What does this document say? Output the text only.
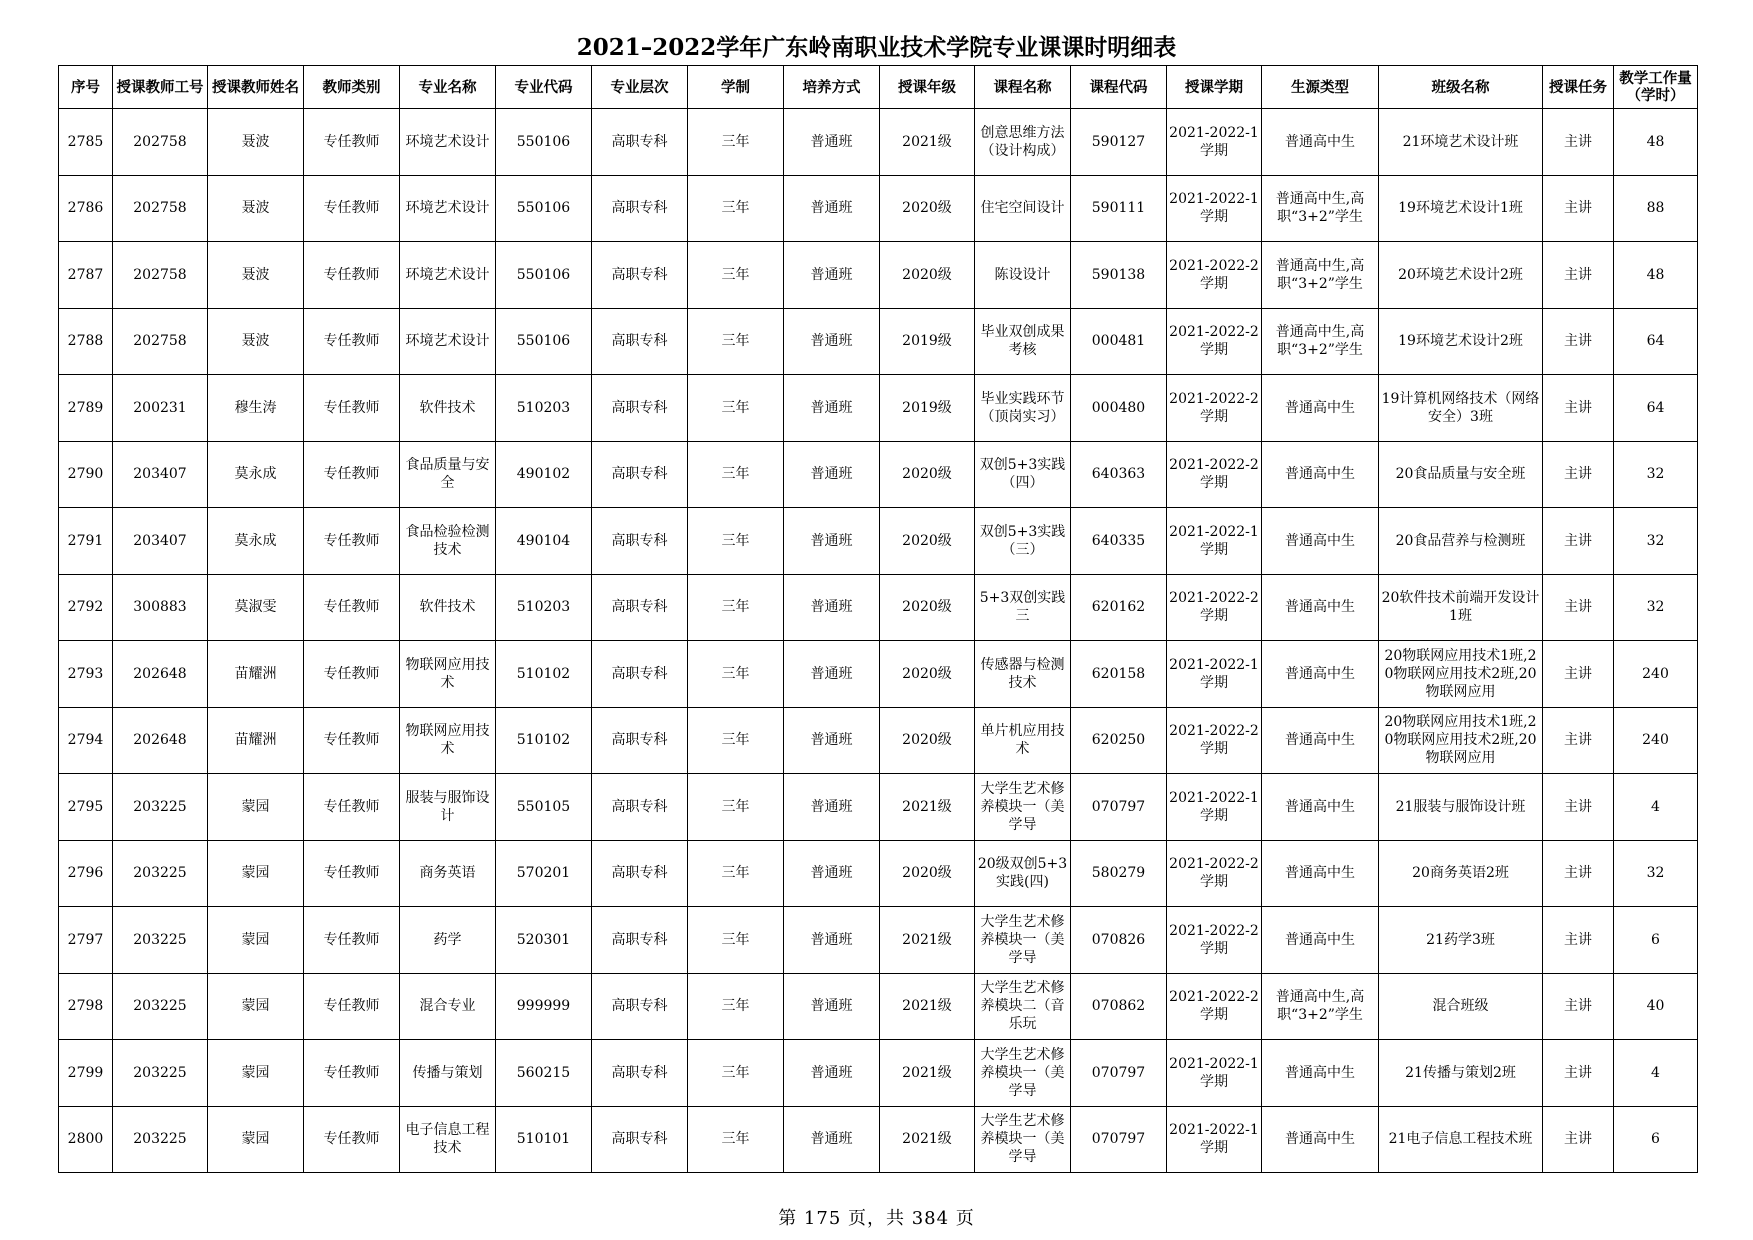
2021–2022学年广东岭南职业技术学院专业课课时明细表
序号	授课教师工号	授课教师姓名	教师类别	专业名称	专业代码	专业层次	学制	培养方式	授课年级	课程名称	课程代码	授课学期	生源类型	班级名称	授课任务	教学工作量（学时）

2785	202758	聂波	专任教师	环境艺术设计	550106	高职专科	三年	普通班	2021级	创意思维方法（设计构成）	590127	2021-2022-1学期	普通高中生	21环境艺术设计班	主讲	48

2786	202758	聂波	专任教师	环境艺术设计	550106	高职专科	三年	普通班	2020级	住宅空间设计	590111	2021-2022-1学期	普通高中生,高职“3+2”学生	19环境艺术设计1班	主讲	88

2787	202758	聂波	专任教师	环境艺术设计	550106	高职专科	三年	普通班	2020级	陈设设计	590138	2021-2022-2学期	普通高中生,高职“3+2”学生	20环境艺术设计2班	主讲	48

2788	202758	聂波	专任教师	环境艺术设计	550106	高职专科	三年	普通班	2019级	毕业双创成果考核	000481	2021-2022-2学期	普通高中生,高职“3+2”学生	19环境艺术设计2班	主讲	64

2789	200231	穆生涛	专任教师	软件技术	510203	高职专科	三年	普通班	2019级	毕业实践环节（顶岗实习）	000480	2021-2022-2学期	普通高中生	19计算机网络技术（网络安全）3班	主讲	64

2790	203407	莫永成	专任教师	食品质量与安全	490102	高职专科	三年	普通班	2020级	双创5+3实践（四）	640363	2021-2022-2学期	普通高中生	20食品质量与安全班	主讲	32

2791	203407	莫永成	专任教师	食品检验检测技术	490104	高职专科	三年	普通班	2020级	双创5+3实践（三）	640335	2021-2022-1学期	普通高中生	20食品营养与检测班	主讲	32

2792	300883	莫淑雯	专任教师	软件技术	510203	高职专科	三年	普通班	2020级	5+3双创实践三	620162	2021-2022-2学期	普通高中生	20软件技术前端开发设计1班	主讲	32

2793	202648	苗耀洲	专任教师	物联网应用技术	510102	高职专科	三年	普通班	2020级	传感器与检测技术	620158	2021-2022-1学期	普通高中生	20物联网应用技术1班,20物联网应用技术2班,20物联网应用	主讲	240

2794	202648	苗耀洲	专任教师	物联网应用技术	510102	高职专科	三年	普通班	2020级	单片机应用技术	620250	2021-2022-2学期	普通高中生	20物联网应用技术1班,20物联网应用技术2班,20物联网应用	主讲	240

2795	203225	蒙园	专任教师	服装与服饰设计	550105	高职专科	三年	普通班	2021级	大学生艺术修养模块一（美学导	070797	2021-2022-1学期	普通高中生	21服装与服饰设计班	主讲	4

2796	203225	蒙园	专任教师	商务英语	570201	高职专科	三年	普通班	2020级	20级双创5+3实践(四)	580279	2021-2022-2学期	普通高中生	20商务英语2班	主讲	32

2797	203225	蒙园	专任教师	药学	520301	高职专科	三年	普通班	2021级	大学生艺术修养模块一（美学导	070826	2021-2022-2学期	普通高中生	21药学3班	主讲	6

2798	203225	蒙园	专任教师	混合专业	999999	高职专科	三年	普通班	2021级	大学生艺术修养模块二（音乐玩	070862	2021-2022-2学期	普通高中生,高职“3+2”学生	混合班级	主讲	40

2799	203225	蒙园	专任教师	传播与策划	560215	高职专科	三年	普通班	2021级	大学生艺术修养模块一（美学导	070797	2021-2022-1学期	普通高中生	21传播与策划2班	主讲	4

2800	203225	蒙园	专任教师	电子信息工程技术	510101	高职专科	三年	普通班	2021级	大学生艺术修养模块一（美学导	070797	2021-2022-1学期	普通高中生	21电子信息工程技术班	主讲	6
第 175 页，共 384 页
